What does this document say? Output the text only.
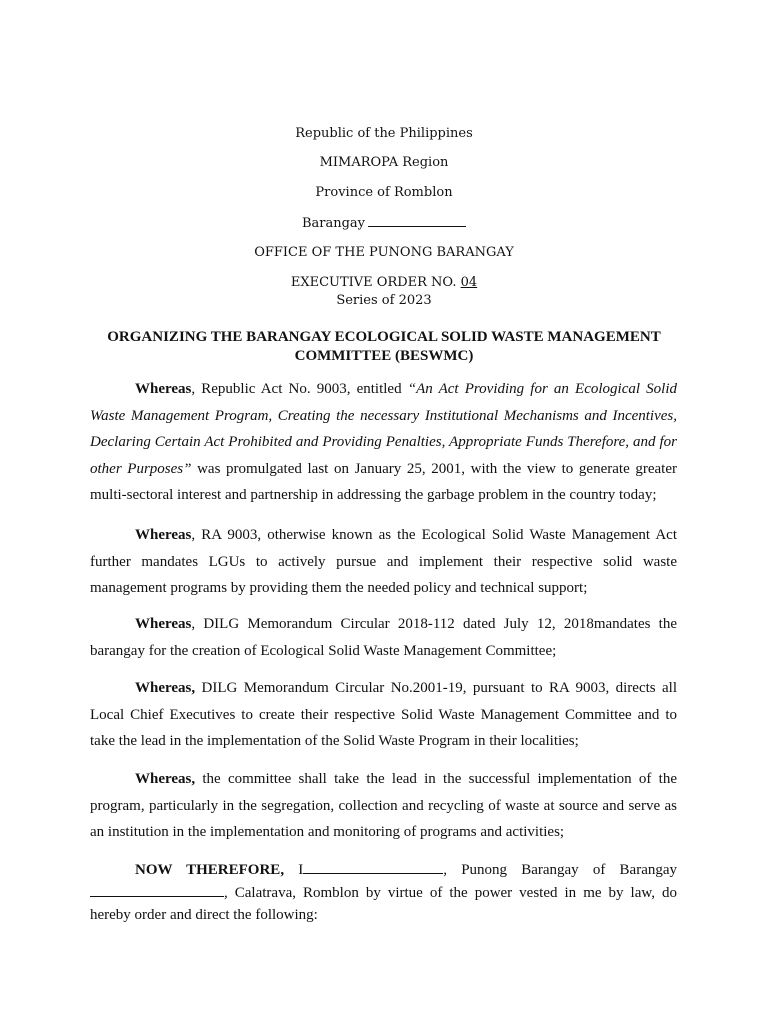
Republic of the Philippines
MIMAROPA Region
Province of Romblon
Barangay
OFFICE OF THE PUNONG BARANGAY
EXECUTIVE ORDER NO. 04
Series of 2023
ORGANIZING THE BARANGAY ECOLOGICAL SOLID WASTE MANAGEMENT
COMMITTEE (BESWMC)

Whereas, Republic Act No. 9003, entitled “An Act Providing for an Ecological Solid Waste Management Program, Creating the necessary Institutional Mechanisms and Incentives, Declaring Certain Act Prohibited and Providing Penalties, Appropriate Funds Therefore, and for other Purposes” was promulgated last on January 25, 2001, with the view to generate greater multi-sectoral interest and partnership in addressing the garbage problem in the country today;

Whereas, RA 9003, otherwise known as the Ecological Solid Waste Management Act further mandates LGUs to actively pursue and implement their respective solid waste management programs by providing them the needed policy and technical support;

Whereas, DILG Memorandum Circular 2018-112 dated July 12, 2018mandates the barangay for the creation of Ecological Solid Waste Management Committee;

Whereas, DILG Memorandum Circular No.2001-19, pursuant to RA 9003, directs all Local Chief Executives to create their respective Solid Waste Management Committee and to take the lead in the implementation of the Solid Waste Program in their localities;

Whereas, the committee shall take the lead in the successful implementation of the program, particularly in the segregation, collection and recycling of waste at source and serve as an institution in the implementation and monitoring of programs and activities;

NOW THEREFORE, I	, Punong Barangay of Barangay , Calatrava, Romblon by virtue of the power vested in me by law, do hereby order and direct the following:
